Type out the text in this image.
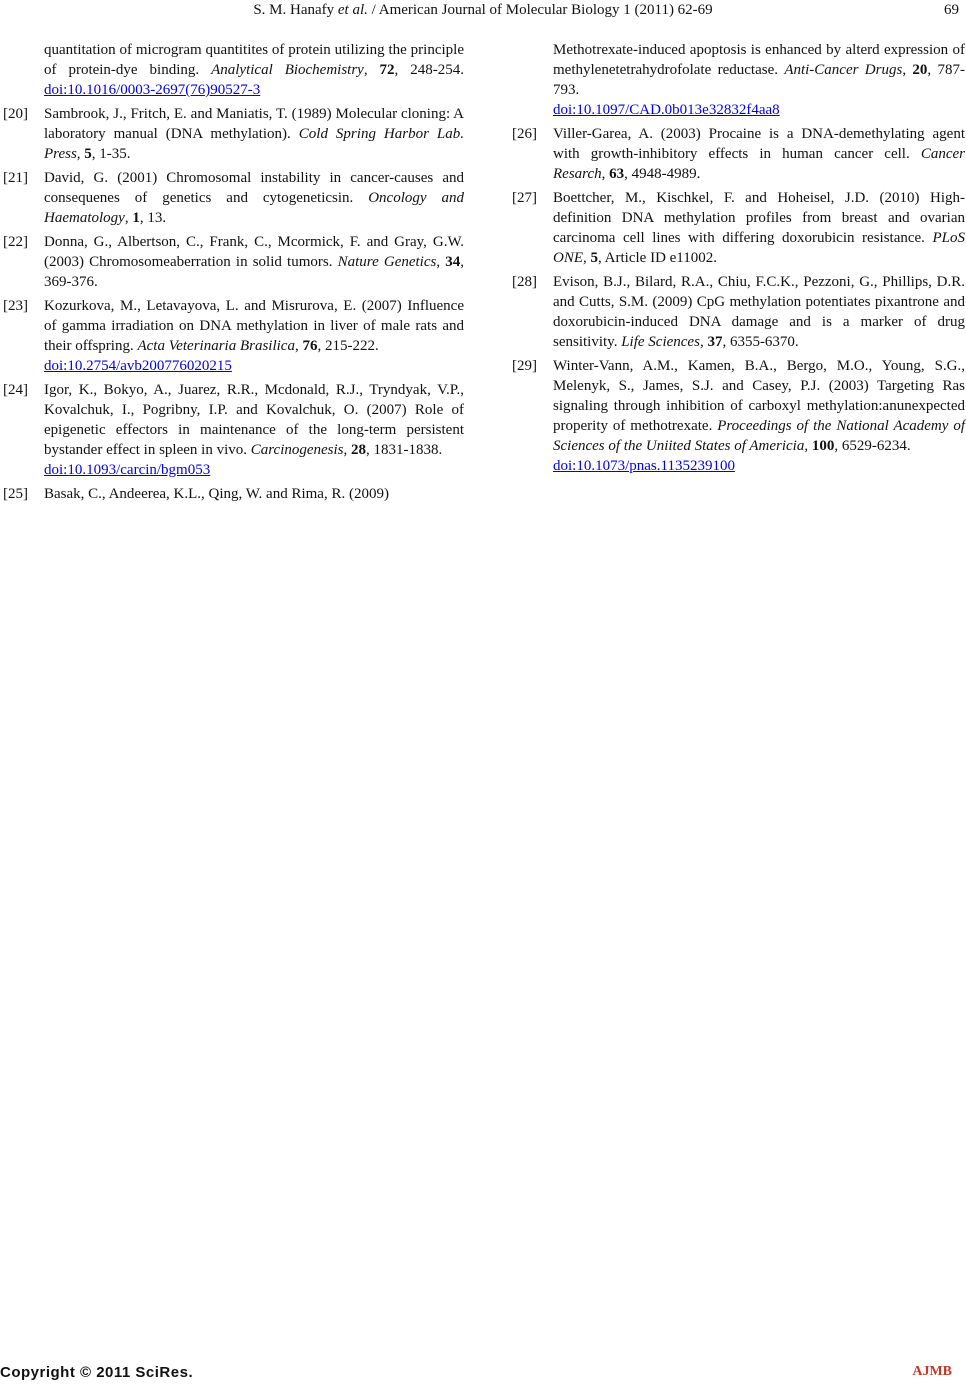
S. M. Hanafy et al. / American Journal of Molecular Biology 1 (2011) 62-69	69
quantitation of microgram quantitites of protein utilizing the principle of protein-dye binding. Analytical Biochemistry, 72, 248-254. doi:10.1016/0003-2697(76)90527-3
[20] Sambrook, J., Fritch, E. and Maniatis, T. (1989) Molecular cloning: A laboratory manual (DNA methylation). Cold Spring Harbor Lab. Press, 5, 1-35.
[21] David, G. (2001) Chromosomal instability in cancer-causes and consequenes of genetics and cytogeneticsin. Oncology and Haematology, 1, 13.
[22] Donna, G., Albertson, C., Frank, C., Mcormick, F. and Gray, G.W. (2003) Chromosomeaberration in solid tumors. Nature Genetics, 34, 369-376.
[23] Kozurkova, M., Letavayova, L. and Misrurova, E. (2007) Influence of gamma irradiation on DNA methylation in liver of male rats and their offspring. Acta Veterinaria Brasilica, 76, 215-222.
doi:10.2754/avb200776020215
[24] Igor, K., Bokyo, A., Juarez, R.R., Mcdonald, R.J., Tryndyak, V.P., Kovalchuk, I., Pogribny, I.P. and Kovalchuk, O. (2007) Role of epigenetic effectors in maintenance of the long-term persistent bystander effect in spleen in vivo. Carcinogenesis, 28, 1831-1838.
doi:10.1093/carcin/bgm053
[25] Basak, C., Andeerea, K.L., Qing, W. and Rima, R. (2009)
Methotrexate-induced apoptosis is enhanced by alterd expression of methylenetetrahydrofolate reductase. Anti-Cancer Drugs, 20, 787-793.
doi:10.1097/CAD.0b013e32832f4aa8
[26] Viller-Garea, A. (2003) Procaine is a DNA-demethylating agent with growth-inhibitory effects in human cancer cell. Cancer Resarch, 63, 4948-4989.
[27] Boettcher, M., Kischkel, F. and Hoheisel, J.D. (2010) High-definition DNA methylation profiles from breast and ovarian carcinoma cell lines with differing doxorubicin resistance. PLoS ONE, 5, Article ID e11002.
[28] Evison, B.J., Bilard, R.A., Chiu, F.C.K., Pezzoni, G., Phillips, D.R. and Cutts, S.M. (2009) CpG methylation potentiates pixantrone and doxorubicin-induced DNA damage and is a marker of drug sensitivity. Life Sciences, 37, 6355-6370.
[29] Winter-Vann, A.M., Kamen, B.A., Bergo, M.O., Young, S.G., Melenyk, S., James, S.J. and Casey, P.J. (2003) Targeting Ras signaling through inhibition of carboxyl methylation:anunexpected properity of methotrexate. Proceedings of the National Academy of Sciences of the Uniited States of Americia, 100, 6529-6234.
doi:10.1073/pnas.1135239100
Copyright © 2011 SciRes.	AJMB
